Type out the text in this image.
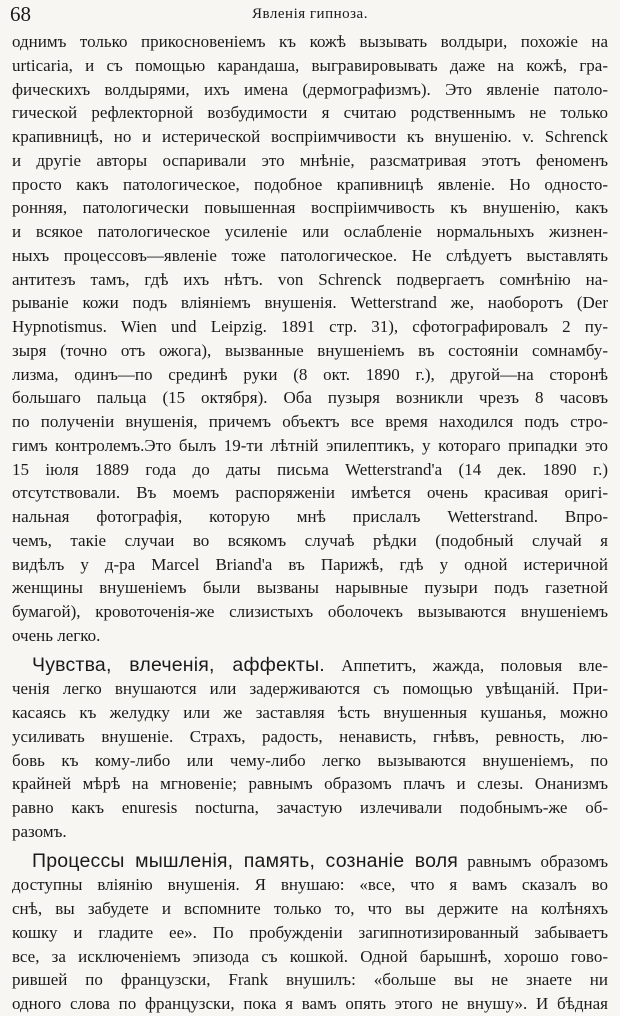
68	Явленія гипноза.
однимъ только прикосновеніемъ къ кожѣ вызывать волдыри, похожіе на
urticaria, и съ помощью карандаша, выгравировывать даже на кожѣ, гра-
фическихъ волдырями, ихъ имена (дермографизмъ). Это явленіе патоло-
гической рефлекторной возбудимости я считаю родственнымъ не только
крапивницѣ, но и истерической воспріимчивости къ внушенію. v. Schrenck
и другіе авторы оспаривали это мнѣніе, разсматривая этотъ феноменъ
просто какъ патологическое, подобное крапивницѣ явленіе. Но односто-
ронняя, патологически повышенная воспріимчивость къ внушенію, какъ
и всякое патологическое усиленіе или ослабленіе нормальныхъ жизнен-
ныхъ процессовъ—явленіе тоже патологическое. Не слѣдуетъ выставлять
антитезъ тамъ, гдѣ ихъ нѣтъ. von Schrenck подвергаетъ сомнѣнію на-
рываніе кожи подъ вліяніемъ внушенія. Wetterstrand же, наоборотъ (Der
Hypnotismus. Wien und Leipzig. 1891 стр. 31), сфотографировалъ 2 пу-
зыря (точно отъ ожога), вызванные внушеніемъ въ состояніи сомнамбу-
лизма, одинъ—по срединѣ руки (8 окт. 1890 г.), другой—на сторонѣ
большаго пальца (15 октября). Оба пузыря возникли чрезъ 8 часовъ
по полученіи внушенія, причемъ объектъ все время находился подъ стро-
гимъ контролемъ.Это былъ 19-ти лѣтній эпилептикъ, у котораго припадки это
15 іюля 1889 года до даты письма Wetterstrand'а (14 дек. 1890 г.)
отсутствовали. Въ моемъ распоряженіи имѣется очень красивая оригі-
нальная фотографія, которую мнѣ прислалъ Wetterstrand. Впро-
чемъ, такіе случаи во всякомъ случаѣ рѣдки (подобный случай я
видѣлъ у д-ра Marcel Briand'а въ Парижѣ, гдѣ у одной истеричной
женщины внушеніемъ были вызваны нарывные пузыри подъ газетной
бумагой), кровоточенія-же слизистыхъ оболочекъ вызываются внушеніемъ
очень легко.
Чувства, влеченія, аффекты. Аппетитъ, жажда, половыя вле-
ченія легко внушаются или задерживаются съ помощью увѣщаній. При-
касаясь къ желудку или же заставляя ѣсть внушенныя кушанья, можно
усиливать внушеніе. Страхъ, радость, ненависть, гнѣвъ, ревность, лю-
бовь къ кому-либо или чему-либо легко вызываются внушеніемъ, по
крайней мѣрѣ на мгновеніе; равнымъ образомъ плачъ и слезы. Онанизмъ
равно какъ enuresis nocturna, зачастую излечивали подобнымъ-же об-
разомъ.
Процессы мышленія, память, сознаніе воля равнымъ образомъ
доступны вліянію внушенія. Я внушаю: «все, что я вамъ сказалъ во
снѣ, вы забудете и вспомните только то, что вы держите на колѣняхъ
кошку и гладите ее». По пробужденіи загипнотизированный забываетъ
все, за исключеніемъ эпизода съ кошкой. Одной барышнѣ, хорошо гово-
рившей по французски, Frank внушилъ: «больше вы не знаете ни
одного слова по французски, пока я вамъ опять этого не внушу». И бѣдная
